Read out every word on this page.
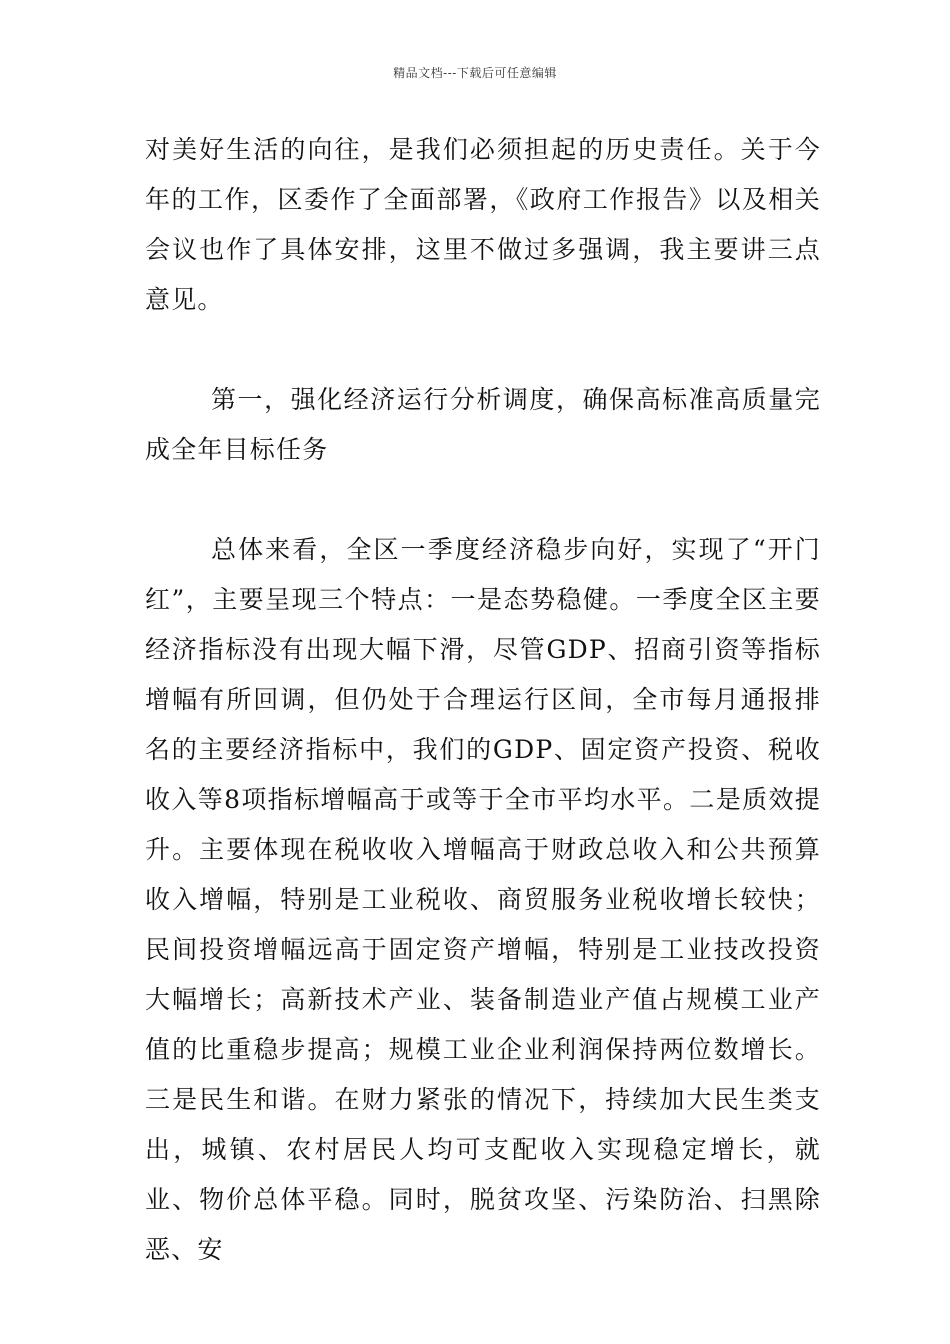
精品文档---下载后可任意编辑

对美好生活的向往，是我们必须担起的历史责任。关于今年的工作，区委作了全面部署，《政府工作报告》以及相关会议也作了具体安排，这里不做过多强调，我主要讲三点意见。

第一，强化经济运行分析调度，确保高标准高质量完成全年目标任务

总体来看，全区一季度经济稳步向好，实现了“开门红”，主要呈现三个特点：一是态势稳健。一季度全区主要经济指标没有出现大幅下滑，尽管GDP、招商引资等指标增幅有所回调，但仍处于合理运行区间，全市每月通报排名的主要经济指标中，我们的GDP、固定资产投资、税收收入等8项指标增幅高于或等于全市平均水平。二是质效提升。主要体现在税收收入增幅高于财政总收入和公共预算收入增幅，特别是工业税收、商贸服务业税收增长较快；民间投资增幅远高于固定资产增幅，特别是工业技改投资大幅增长；高新技术产业、装备制造业产值占规模工业产值的比重稳步提高；规模工业企业利润保持两位数增长。三是民生和谐。在财力紧张的情况下，持续加大民生类支出，城镇、农村居民人均可支配收入实现稳定增长，就业、物价总体平稳。同时，脱贫攻坚、污染防治、扫黑除恶、安
